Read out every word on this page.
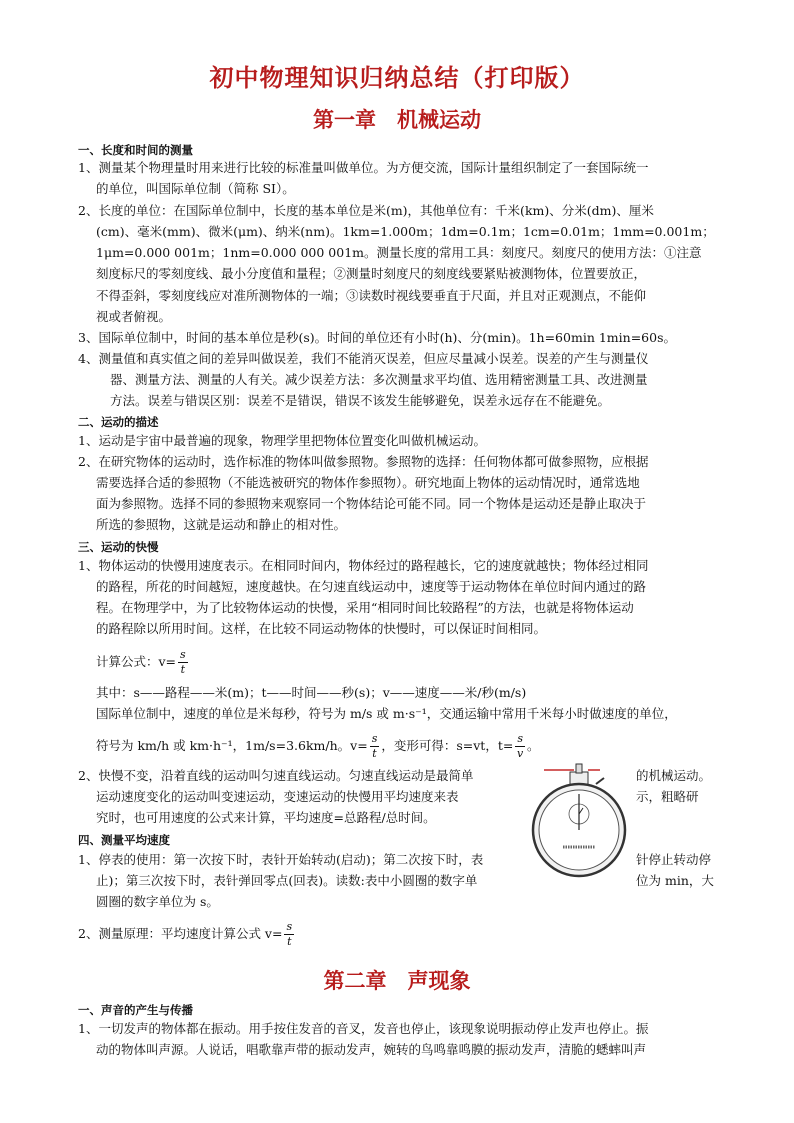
初中物理知识归纳总结（打印版）
第一章　机械运动
一、长度和时间的测量
1、测量某个物理量时用来进行比较的标准量叫做单位。为方便交流，国际计量组织制定了一套国际统一
的单位，叫国际单位制（简称 SI）。
2、长度的单位：在国际单位制中，长度的基本单位是米(m)，其他单位有：千米(km)、分米(dm)、厘米
(cm)、毫米(mm)、微米(μm)、纳米(nm)。1km=1.000m；1dm=0.1m；1cm=0.01m；1mm=0.001m；
1μm=0.000 001m；1nm=0.000 000 001m。测量长度的常用工具：刻度尺。刻度尺的使用方法：①注意
刻度标尺的零刻度线、最小分度值和量程；②测量时刻度尺的刻度线要紧贴被测物体，位置要放正，
不得歪斜，零刻度线应对准所测物体的一端；③读数时视线要垂直于尺面，并且对正观测点，不能仰
视或者俯视。
3、国际单位制中，时间的基本单位是秒(s)。时间的单位还有小时(h)、分(min)。1h=60min 1min=60s。
4、测量值和真实值之间的差异叫做误差，我们不能消灭误差，但应尽量减小误差。误差的产生与测量仪
器、测量方法、测量的人有关。减少误差方法：多次测量求平均值、选用精密测量工具、改进测量
方法。误差与错误区别：误差不是错误，错误不该发生能够避免，误差永远存在不能避免。
二、运动的描述
1、运动是宇宙中最普遍的现象，物理学里把物体位置变化叫做机械运动。
2、在研究物体的运动时，选作标准的物体叫做参照物。参照物的选择：任何物体都可做参照物，应根据
需要选择合适的参照物（不能选被研究的物体作参照物）。研究地面上物体的运动情况时，通常选地
面为参照物。选择不同的参照物来观察同一个物体结论可能不同。同一个物体是运动还是静止取决于
所选的参照物，这就是运动和静止的相对性。
三、运动的快慢
1、物体运动的快慢用速度表示。在相同时间内，物体经过的路程越长，它的速度就越快；物体经过相同
的路程，所花的时间越短，速度越快。在匀速直线运动中，速度等于运动物体在单位时间内通过的路
程。在物理学中，为了比较物体运动的快慢，采用“相同时间比较路程”的方法，也就是将物体运动
的路程除以所用时间。这样，在比较不同运动物体的快慢时，可以保证时间相同。
计算公式：$v= \frac{s}{t}$
其中：s——路程——米(m)；t——时间——秒(s)；v——速度——米/秒(m/s)
国际单位制中，速度的单位是米每秒，符号为 m/s 或 m·s⁻¹，交通运输中常用千米每小时做速度的单位，
符号为 km/h 或 km·h⁻¹，1m/s=3.6km/h。$v= \frac{s}{t}$ ，变形可得：s=vt，$t= \frac{s}{v}$ 。
2、快慢不变，沿着直线的运动叫匀速直线运动。匀速直线运动是最简单	的机械运动。
运动速度变化的运动叫变速运动，变速运动的快慢用平均速度来表	示，粗略研
究时，也可用速度的公式来计算，平均速度=总路程/总时间。
四、测量平均速度
1、停表的使用：第一次按下时，表针开始转动(启动)；第二次按下时，表	针停止转动停
止)；第三次按下时，表针弹回零点(回表)。读数:表中小圆圈的数字单	位为 min，大
圆圈的数字单位为 s。
2、测量原理：平均速度计算公式 $v= \frac{s}{t}$
第二章　声现象
一、声音的产生与传播
1、一切发声的物体都在振动。用手按住发音的音叉，发音也停止，该现象说明振动停止发声也停止。振
动的物体叫声源。人说话，唱歌靠声带的振动发声，婉转的鸟鸣靠鸣膜的振动发声，清脆的蟋蟀叫声
